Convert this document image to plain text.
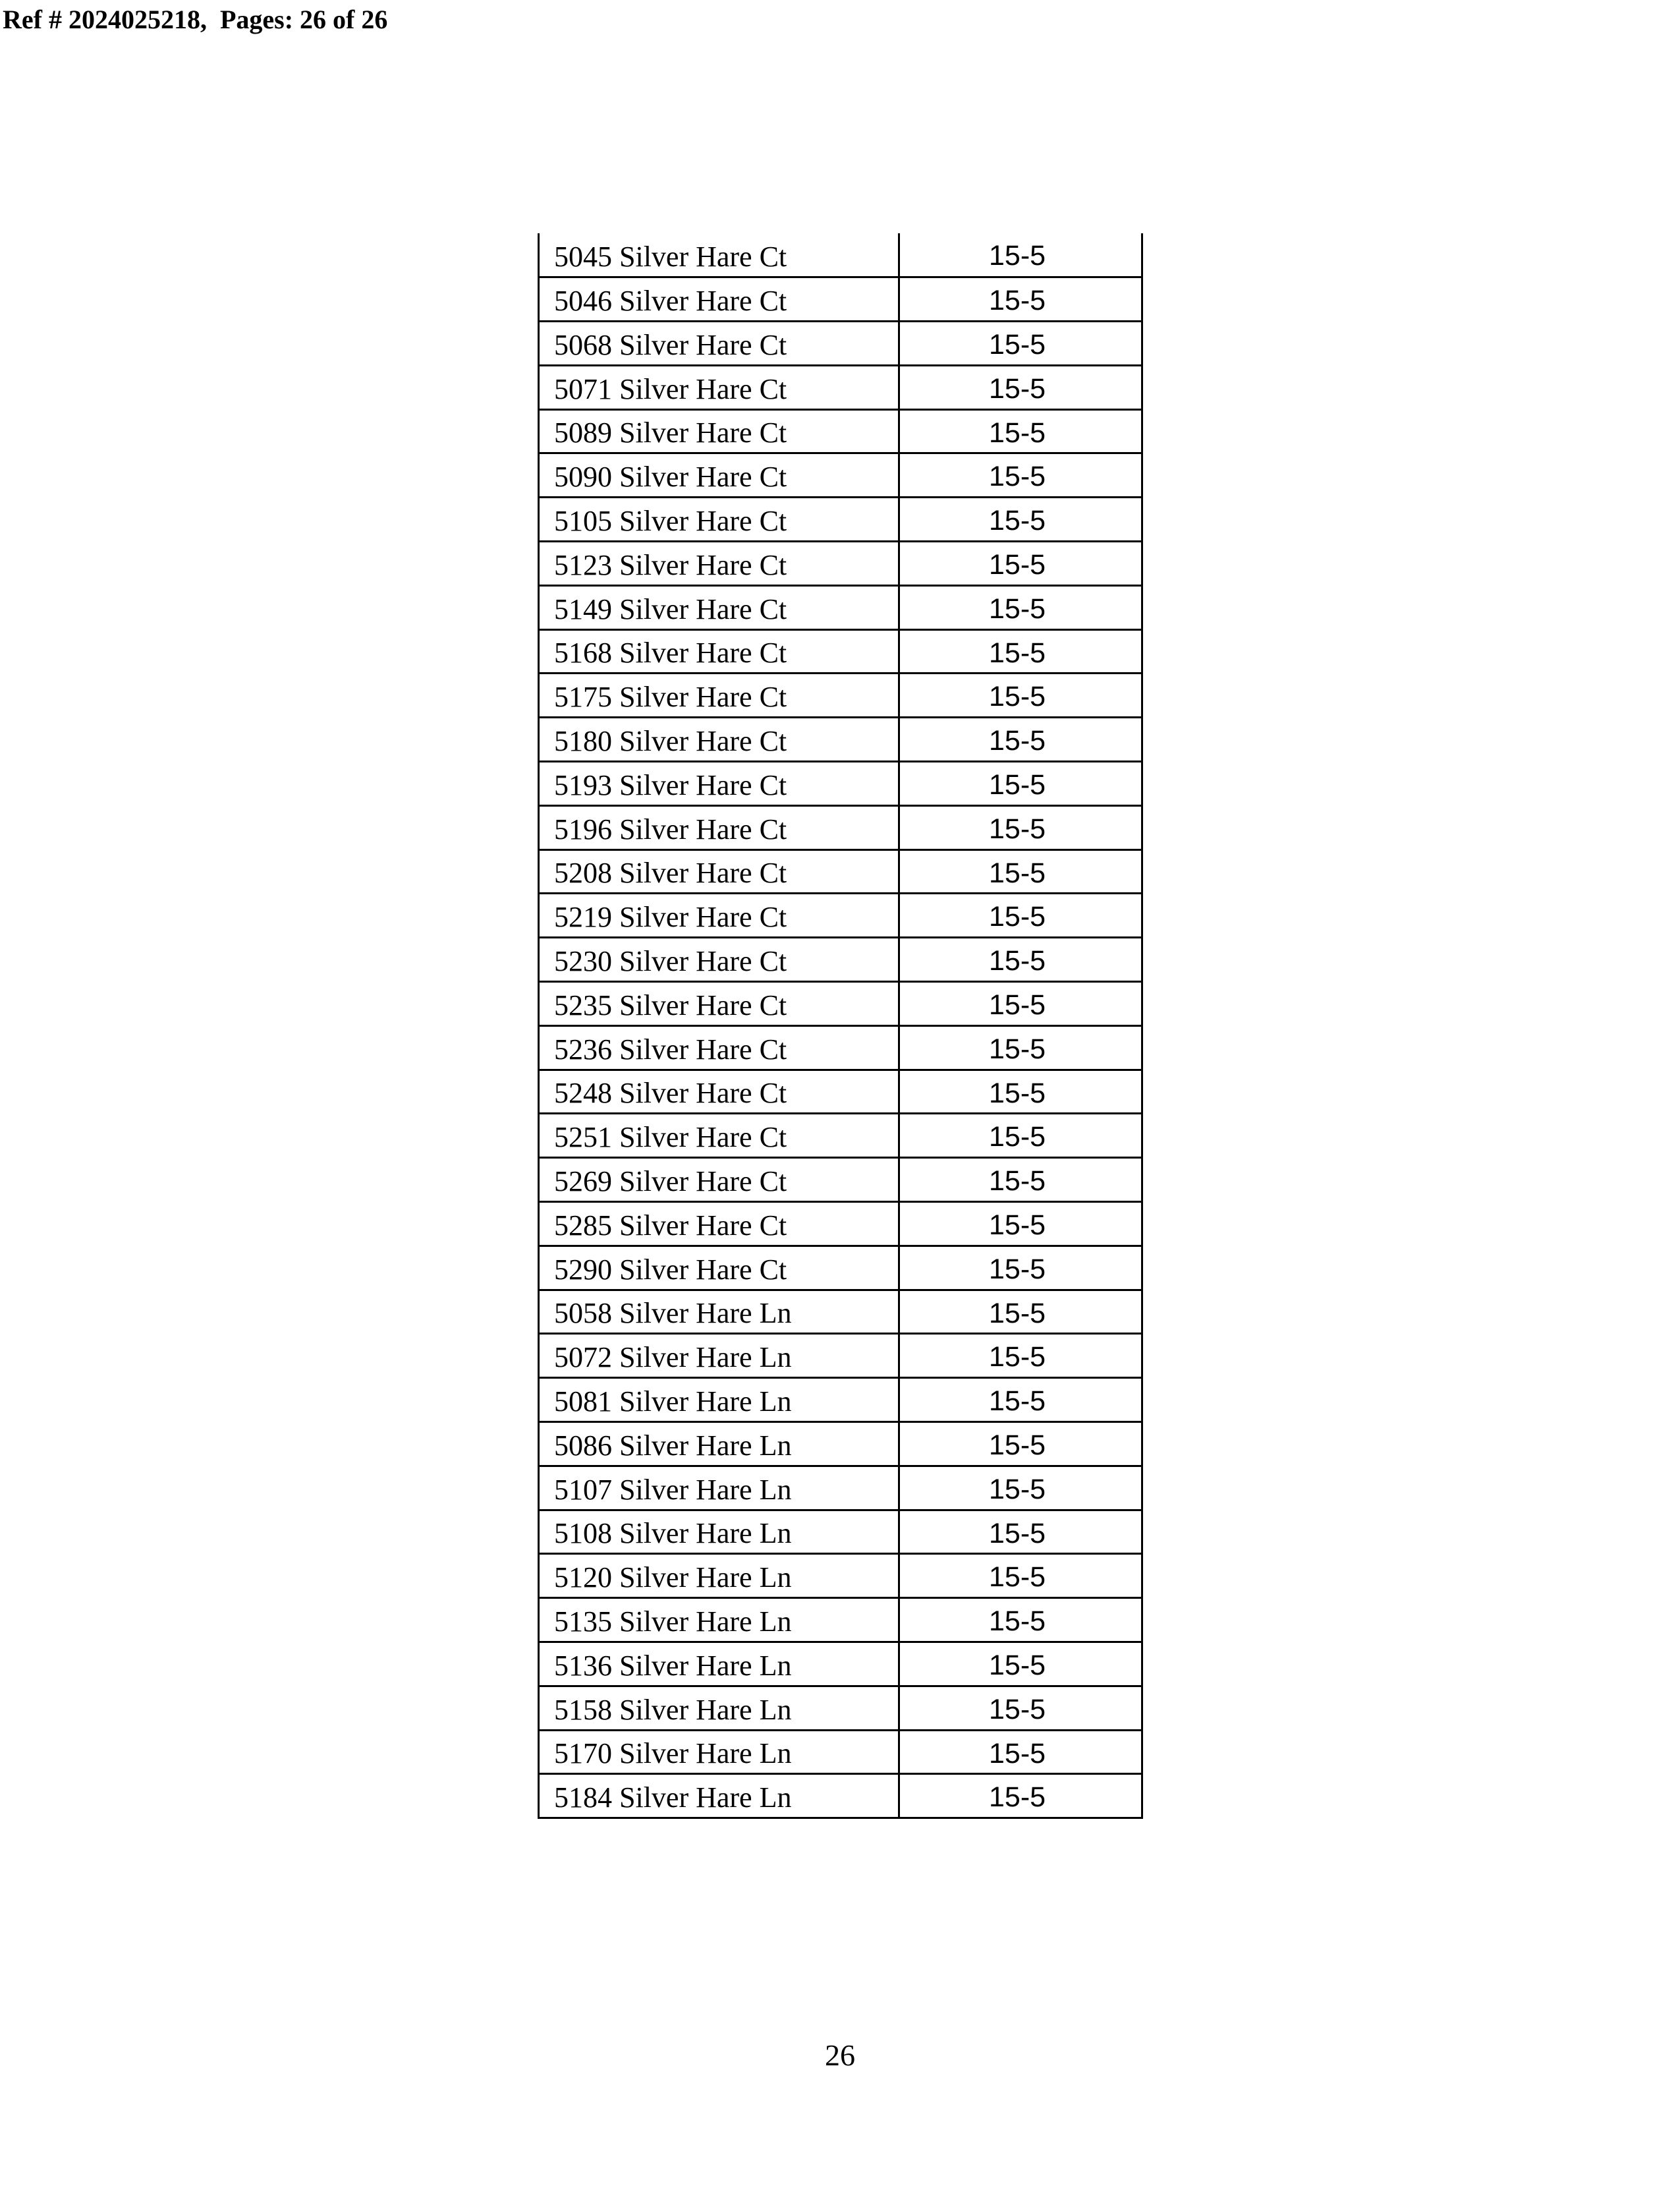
Ref # 2024025218,  Pages: 26 of 26
5045 Silver Hare Ct	15-5
5046 Silver Hare Ct	15-5
5068 Silver Hare Ct	15-5
5071 Silver Hare Ct	15-5
5089 Silver Hare Ct	15-5
5090 Silver Hare Ct	15-5
5105 Silver Hare Ct	15-5
5123 Silver Hare Ct	15-5
5149 Silver Hare Ct	15-5
5168 Silver Hare Ct	15-5
5175 Silver Hare Ct	15-5
5180 Silver Hare Ct	15-5
5193 Silver Hare Ct	15-5
5196 Silver Hare Ct	15-5
5208 Silver Hare Ct	15-5
5219 Silver Hare Ct	15-5
5230 Silver Hare Ct	15-5
5235 Silver Hare Ct	15-5
5236 Silver Hare Ct	15-5
5248 Silver Hare Ct	15-5
5251 Silver Hare Ct	15-5
5269 Silver Hare Ct	15-5
5285 Silver Hare Ct	15-5
5290 Silver Hare Ct	15-5
5058 Silver Hare Ln	15-5
5072 Silver Hare Ln	15-5
5081 Silver Hare Ln	15-5
5086 Silver Hare Ln	15-5
5107 Silver Hare Ln	15-5
5108 Silver Hare Ln	15-5
5120 Silver Hare Ln	15-5
5135 Silver Hare Ln	15-5
5136 Silver Hare Ln	15-5
5158 Silver Hare Ln	15-5
5170 Silver Hare Ln	15-5
5184 Silver Hare Ln	15-5
26
